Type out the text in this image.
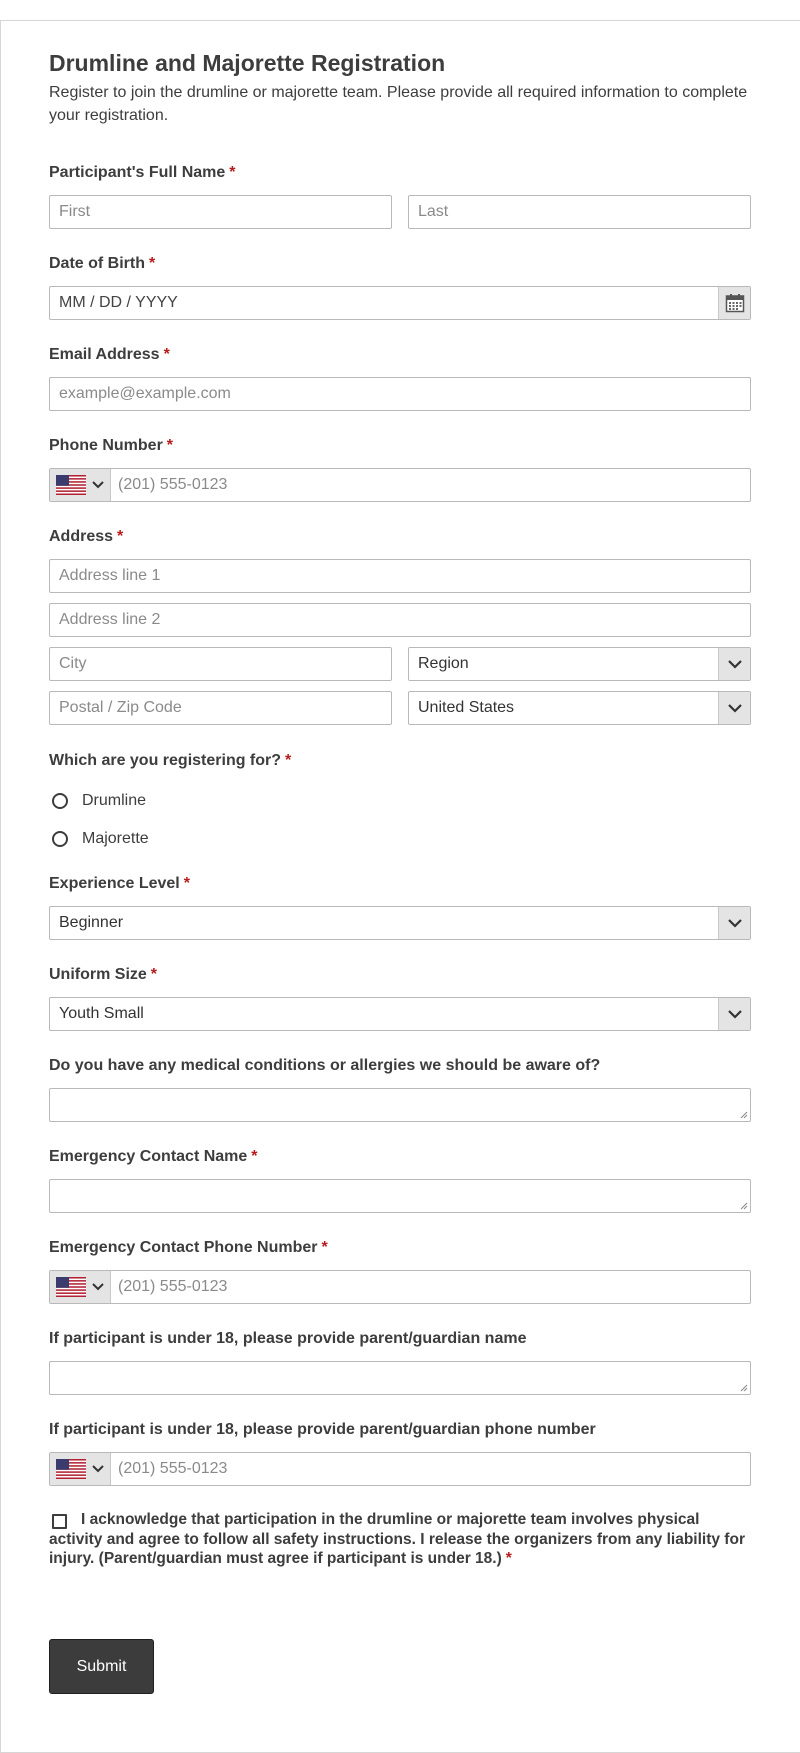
Drumline and Majorette Registration

Register to join the drumline or majorette team. Please provide all required information to complete your registration.

Participant's Full Name *
First
Last
Date of Birth *
MM / DD / YYYY
Email Address *
example@example.com
Phone Number *
(201) 555-0123
Address *
Address line 1
Address line 2
City
Region
Postal / Zip Code
United States
Which are you registering for? *
Drumline
Majorette
Experience Level *
Beginner
Uniform Size *
Youth Small
Do you have any medical conditions or allergies we should be aware of?
Emergency Contact Name *
Emergency Contact Phone Number *
(201) 555-0123
If participant is under 18, please provide parent/guardian name
If participant is under 18, please provide parent/guardian phone number
(201) 555-0123

I acknowledge that participation in the drumline or majorette team involves physical activity and agree to follow all safety instructions. I release the organizers from any liability for injury. (Parent/guardian must agree if participant is under 18.) *

Submit
